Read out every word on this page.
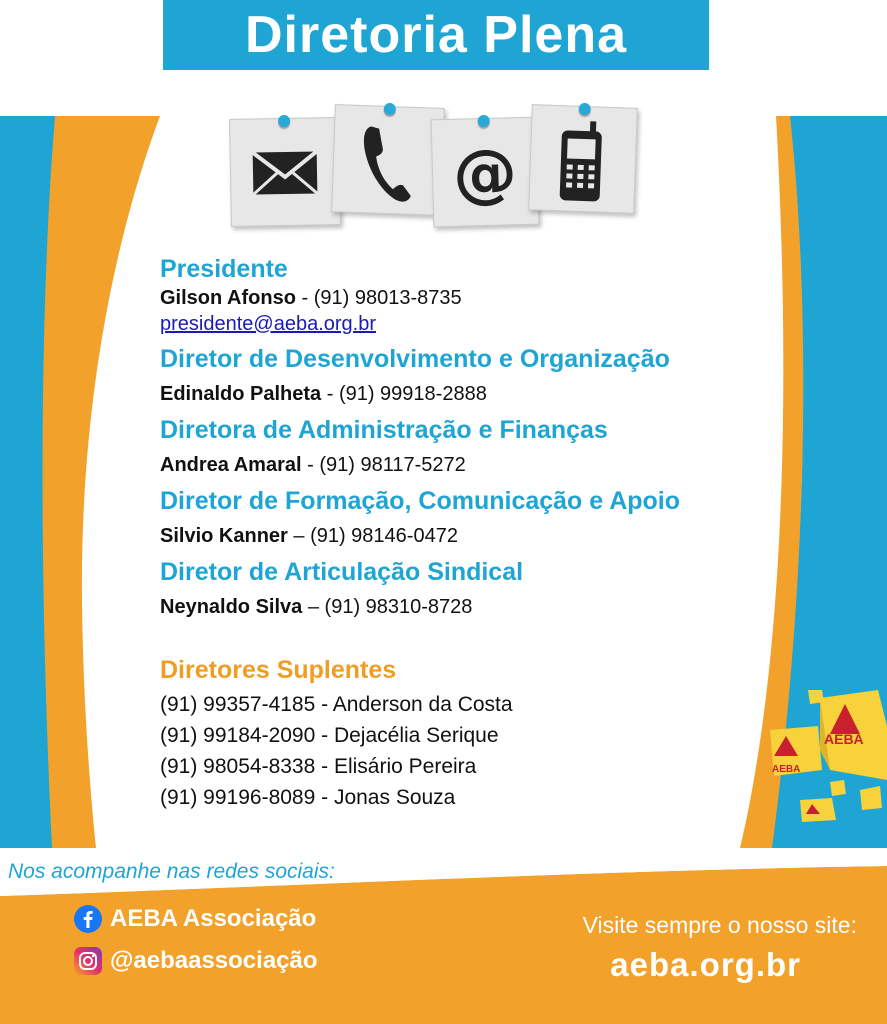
Diretoria Plena
@
Presidente
Gilson Afonso - (91) 98013-8735
presidente@aeba.org.br
Diretor de Desenvolvimento e Organização
Edinaldo Palheta - (91) 99918-2888
Diretora de Administração e Finanças
Andrea Amaral - (91) 98117-5272
Diretor de Formação, Comunicação e Apoio
Silvio Kanner – (91) 98146-0472
Diretor de Articulação Sindical
Neynaldo Silva – (91) 98310-8728
Diretores Suplentes
(91) 99357-4185 - Anderson da Costa
(91) 99184-2090 - Dejacélia Serique
(91) 98054-8338 - Elisário Pereira
(91) 99196-8089 - Jonas Souza
AEBA
AEBA
Nos acompanhe nas redes sociais:
AEBA Associação
@aebaassociação
Visite sempre o nosso site:
aeba.org.br
